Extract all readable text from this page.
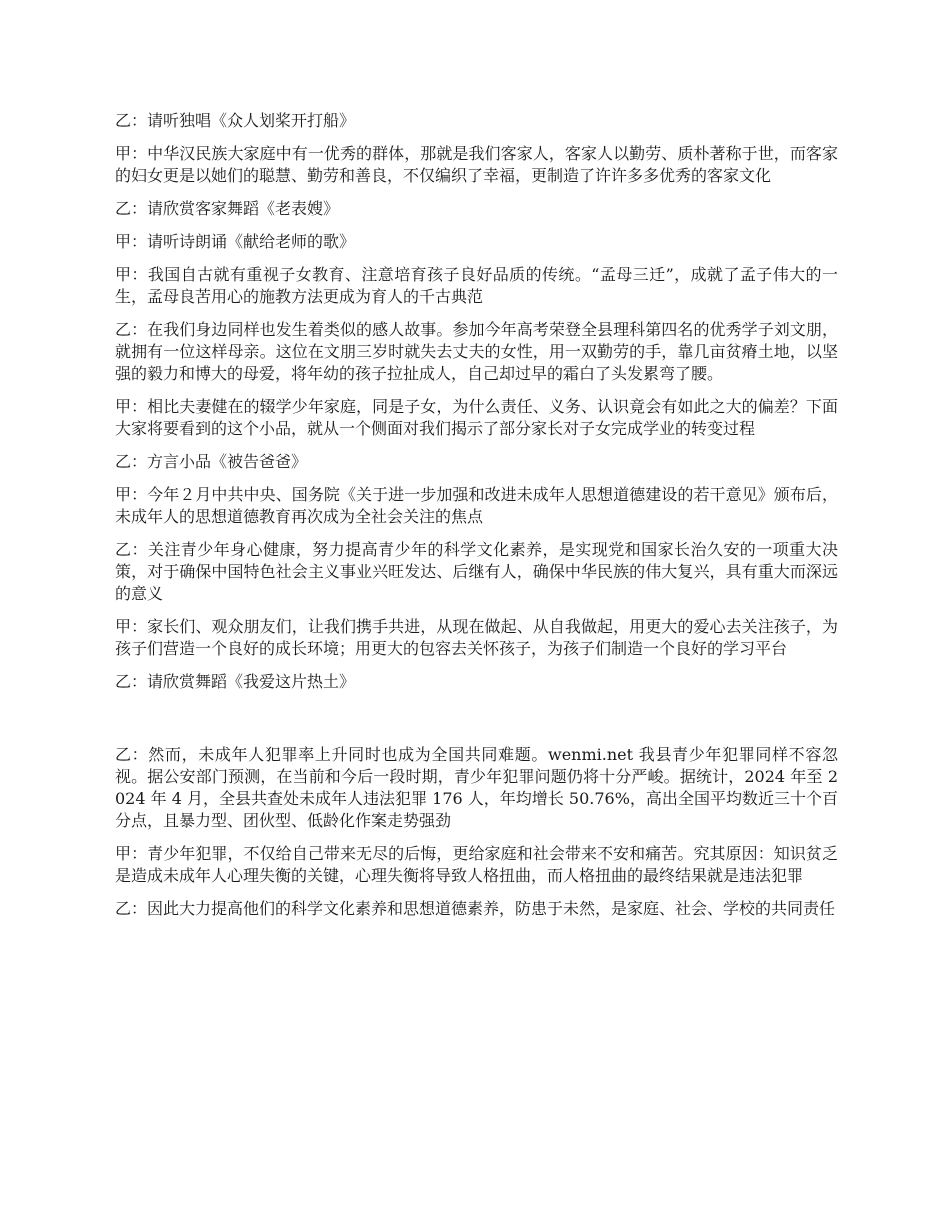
乙：请听独唱《众人划桨开打船》

甲：中华汉民族大家庭中有一优秀的群体，那就是我们客家人，客家人以勤劳、质朴著称于世，而客家的妇女更是以她们的聪慧、勤劳和善良，不仅编织了幸福，更制造了许许多多优秀的客家文化

乙：请欣赏客家舞蹈《老表嫂》

甲：请听诗朗诵《献给老师的歌》

甲：我国自古就有重视子女教育、注意培育孩子良好品质的传统。“孟母三迁”，成就了孟子伟大的一生，孟母良苦用心的施教方法更成为育人的千古典范

乙：在我们身边同样也发生着类似的感人故事。参加今年高考荣登全县理科第四名的优秀学子刘文朋，就拥有一位这样母亲。这位在文朋三岁时就失去丈夫的女性，用一双勤劳的手，靠几亩贫瘠土地，以坚强的毅力和博大的母爱，将年幼的孩子拉扯成人，自己却过早的霜白了头发累弯了腰。

甲：相比夫妻健在的辍学少年家庭，同是子女，为什么责任、义务、认识竟会有如此之大的偏差？下面大家将要看到的这个小品，就从一个侧面对我们揭示了部分家长对子女完成学业的转变过程

乙：方言小品《被告爸爸》

甲：今年２月中共中央、国务院《关于进一步加强和改进未成年人思想道德建设的若干意见》颁布后，未成年人的思想道德教育再次成为全社会关注的焦点

乙：关注青少年身心健康，努力提高青少年的科学文化素养，是实现党和国家长治久安的一项重大决策，对于确保中国特色社会主义事业兴旺发达、后继有人，确保中华民族的伟大复兴，具有重大而深远的意义

甲：家长们、观众朋友们，让我们携手共进，从现在做起、从自我做起，用更大的爱心去关注孩子，为孩子们营造一个良好的成长环境；用更大的包容去关怀孩子，为孩子们制造一个良好的学习平台

乙：请欣赏舞蹈《我爱这片热土》

乙：然而，未成年人犯罪率上升同时也成为全国共同难题。wenmi.net 我县青少年犯罪同样不容忽视。据公安部门预测，在当前和今后一段时期，青少年犯罪问题仍将十分严峻。据统计，2024 年至 2024 年 4 月，全县共查处未成年人违法犯罪 176 人，年均增长 50.76%，高出全国平均数近三十个百分点，且暴力型、团伙型、低龄化作案走势强劲

甲：青少年犯罪，不仅给自己带来无尽的后悔，更给家庭和社会带来不安和痛苦。究其原因：知识贫乏是造成未成年人心理失衡的关键，心理失衡将导致人格扭曲，而人格扭曲的最终结果就是违法犯罪

乙：因此大力提高他们的科学文化素养和思想道德素养，防患于未然，是家庭、社会、学校的共同责任
